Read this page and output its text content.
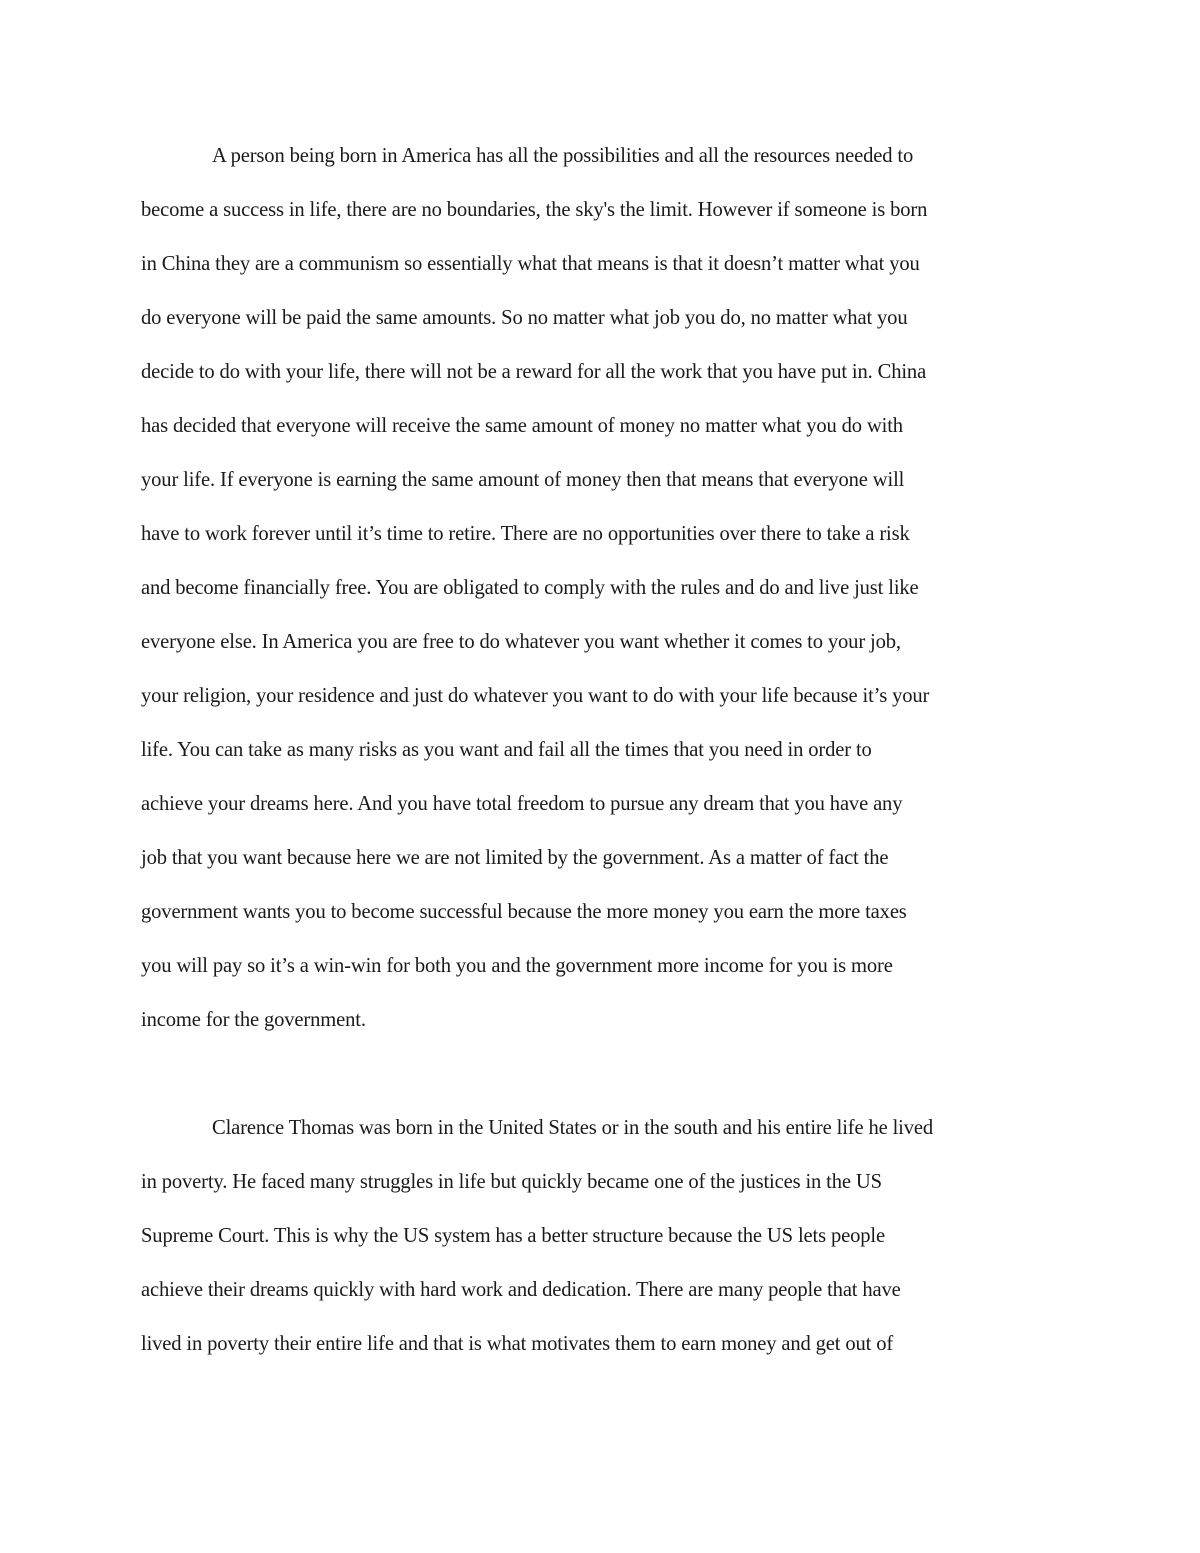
A person being born in America has all the possibilities and all the resources needed to
become a success in life, there are no boundaries, the sky's the limit. However if someone is born
in China they are a communism so essentially what that means is that it doesn’t matter what you
do everyone will be paid the same amounts. So no matter what job you do, no matter what you
decide to do with your life, there will not be a reward for all the work that you have put in. China
has decided that everyone will receive the same amount of money no matter what you do with
your life. If everyone is earning the same amount of money then that means that everyone will
have to work forever until it’s time to retire. There are no opportunities over there to take a risk
and become financially free. You are obligated to comply with the rules and do and live just like
everyone else. In America you are free to do whatever you want whether it comes to your job,
your religion, your residence and just do whatever you want to do with your life because it’s your
life. You can take as many risks as you want and fail all the times that you need in order to
achieve your dreams here. And you have total freedom to pursue any dream that you have any
job that you want because here we are not limited by the government. As a matter of fact the
government wants you to become successful because the more money you earn the more taxes
you will pay so it’s a win-win for both you and the government more income for you is more
income for the government.
Clarence Thomas was born in the United States or in the south and his entire life he lived
in poverty. He faced many struggles in life but quickly became one of the justices in the US
Supreme Court. This is why the US system has a better structure because the US lets people
achieve their dreams quickly with hard work and dedication. There are many people that have
lived in poverty their entire life and that is what motivates them to earn money and get out of
